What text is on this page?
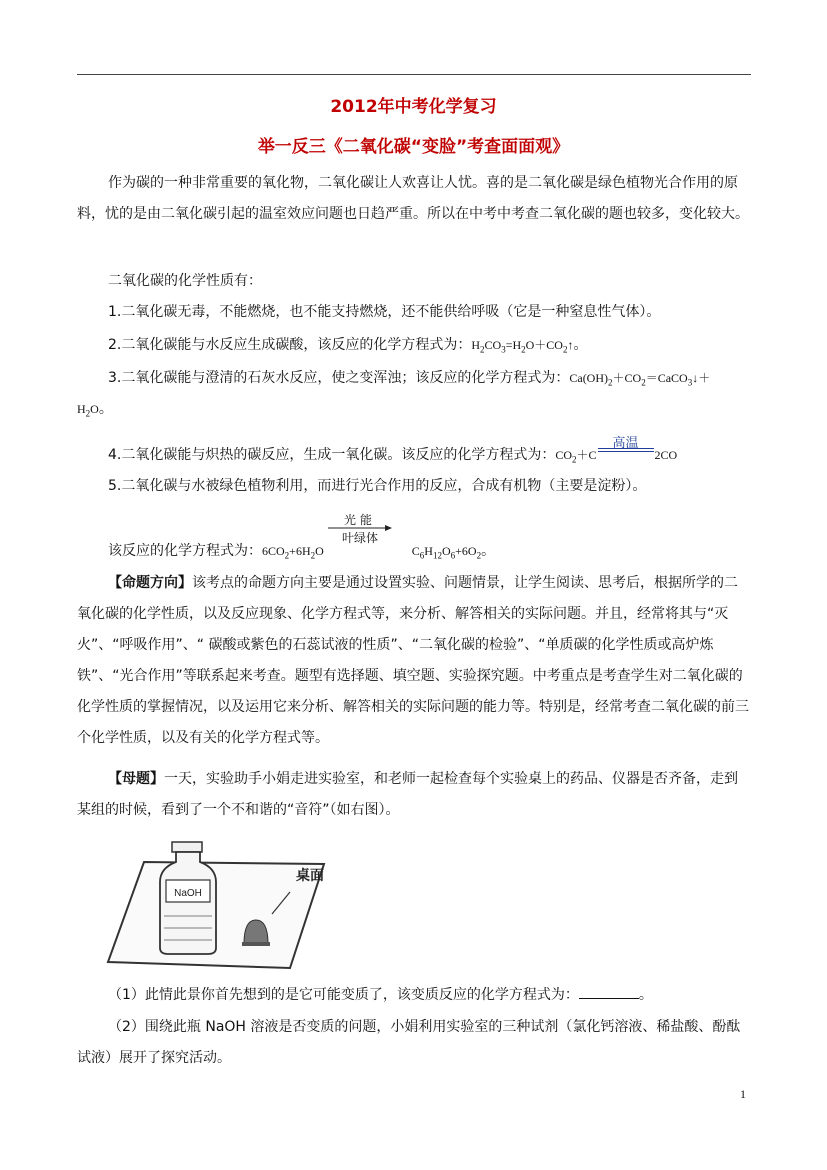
2012年中考化学复习
举一反三《二氧化碳“变脸”考查面面观》

作为碳的一种非常重要的氧化物，二氧化碳让人欢喜让人忧。喜的是二氧化碳是绿色植物光合作用的原料，忧的是由二氧化碳引起的温室效应问题也日趋严重。所以在中考中考查二氧化碳的题也较多，变化较大。

二氧化碳的化学性质有：

1.二氧化碳无毒，不能燃烧，也不能支持燃烧，还不能供给呼吸（它是一种窒息性气体）。

2.二氧化碳能与水反应生成碳酸，该反应的化学方程式为：$H_2CO_3=H_2O+CO_2↑$。

3.二氧化碳能与澄清的石灰水反应，使之变浑浊；该反应的化学方程式为：$Ca(OH)_2+CO_2=CaCO_3↓+$

$H_2O$。

4.二氧化碳能与炽热的碳反应，生成一氧化碳。该反应的化学方程式为：$CO_2+C$
高温
2CO

5.二氧化碳与水被绿色植物利用，而进行光合作用的反应，合成有机物（主要是淀粉）。

光能
叶绿体

该反应的化学方程式为：$6CO_2+6H_2O$	$C_6H_{12}O_6+6O_2$。

【命题方向】该考点的命题方向主要是通过设置实验、问题情景，让学生阅读、思考后，根据所学的二氧化碳的化学性质，以及反应现象、化学方程式等，来分析、解答相关的实际问题。并且，经常将其与“灭火”、“呼吸作用”、“ 碳酸或紫色的石蕊试液的性质”、“二氧化碳的检验”、“单质碳的化学性质或高炉炼铁”、“光合作用”等联系起来考查。题型有选择题、填空题、实验探究题。中考重点是考查学生对二氧化碳的化学性质的掌握情况，以及运用它来分析、解答相关的实际问题的能力等。特别是，经常考查二氧化碳的前三个化学性质，以及有关的化学方程式等。

【母题】一天，实验助手小娟走进实验室，和老师一起检查每个实验桌上的药品、仪器是否齐备，走到某组的时候，看到了一个不和谐的“音符”（如右图）。

NaOH
桌面

（1）此情此景你首先想到的是它可能变质了，该变质反应的化学方程式为：	。

（2）围绕此瓶 NaOH 溶液是否变质的问题，小娟利用实验室的三种试剂（氯化钙溶液、稀盐酸、酚酞试液）展开了探究活动。

1
